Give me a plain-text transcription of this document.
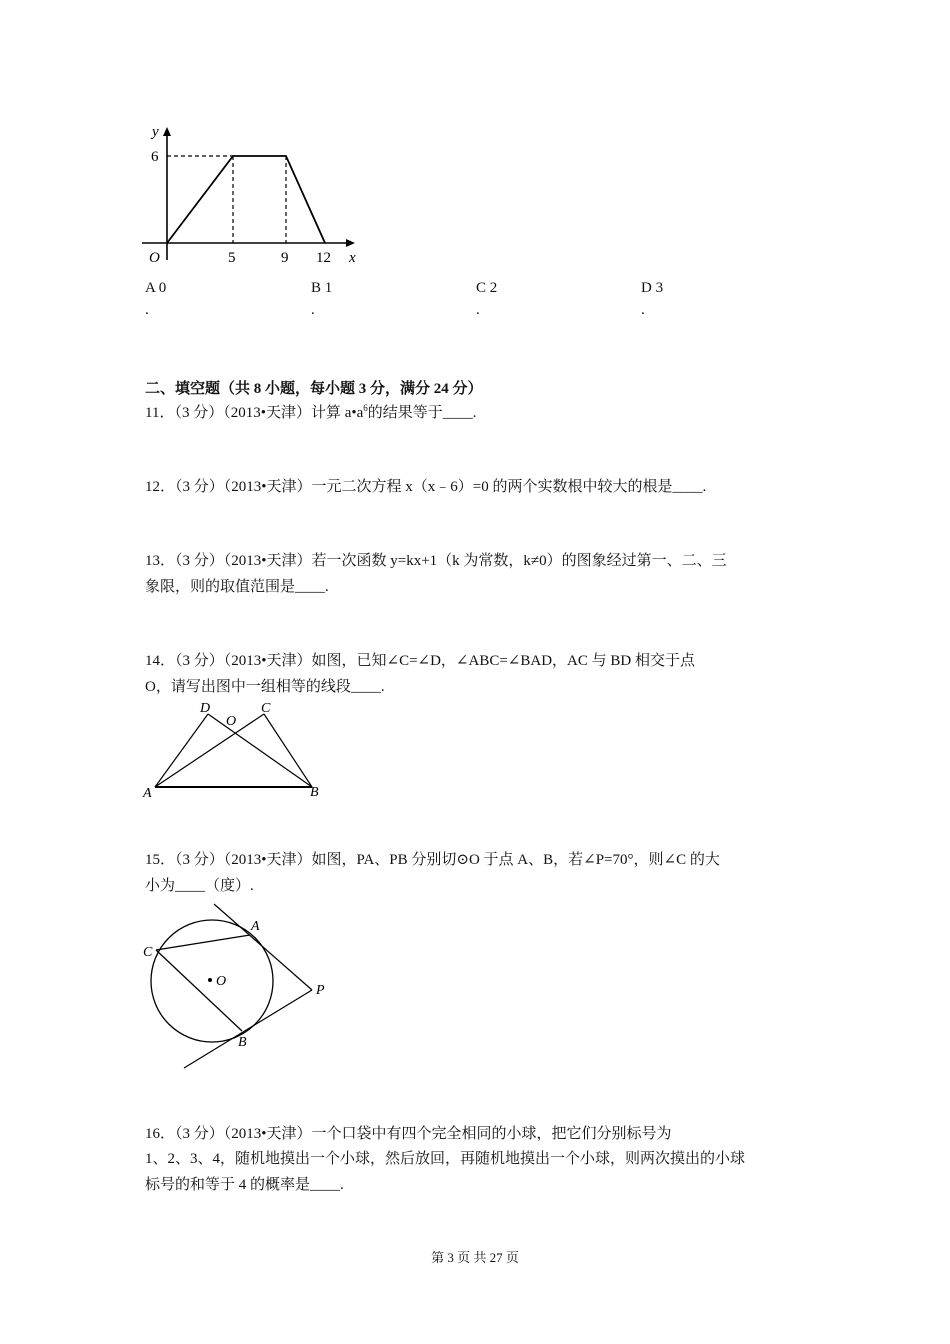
y
6
O	5	9 12 x
A 0
.
B 1
.
C 2
.
D 3
.
二、填空题（共 8 小题，每小题 3 分，满分 24 分）
11．（3 分）（2013•天津）计算 $a•a^6$的结果等于____.
12．（3 分）（2013•天津）一元二次方程 x（x﹣6）=0 的两个实数根中较大的根是____.
13．（3 分）（2013•天津）若一次函数 y=kx+1（k 为常数，k≠0）的图象经过第一、二、三
象限，则的取值范围是____.
14．（3 分）（2013•天津）如图，已知∠C=∠D，∠ABC=∠BAD，AC 与 BD 相交于点
O，请写出图中一组相等的线段____.
D
O
C
A	B
15．（3 分）（2013•天津）如图，PA、PB 分别切⊙O 于点 A、B，若∠P=70°，则∠C 的大
小为____（度）.
O
C
A
B
P
16．（3 分）（2013•天津）一个口袋中有四个完全相同的小球，把它们分别标号为
1、2、3、4，随机地摸出一个小球，然后放回，再随机地摸出一个小球，则两次摸出的小球
标号的和等于 4 的概率是____.
第 3 页 共 27 页
